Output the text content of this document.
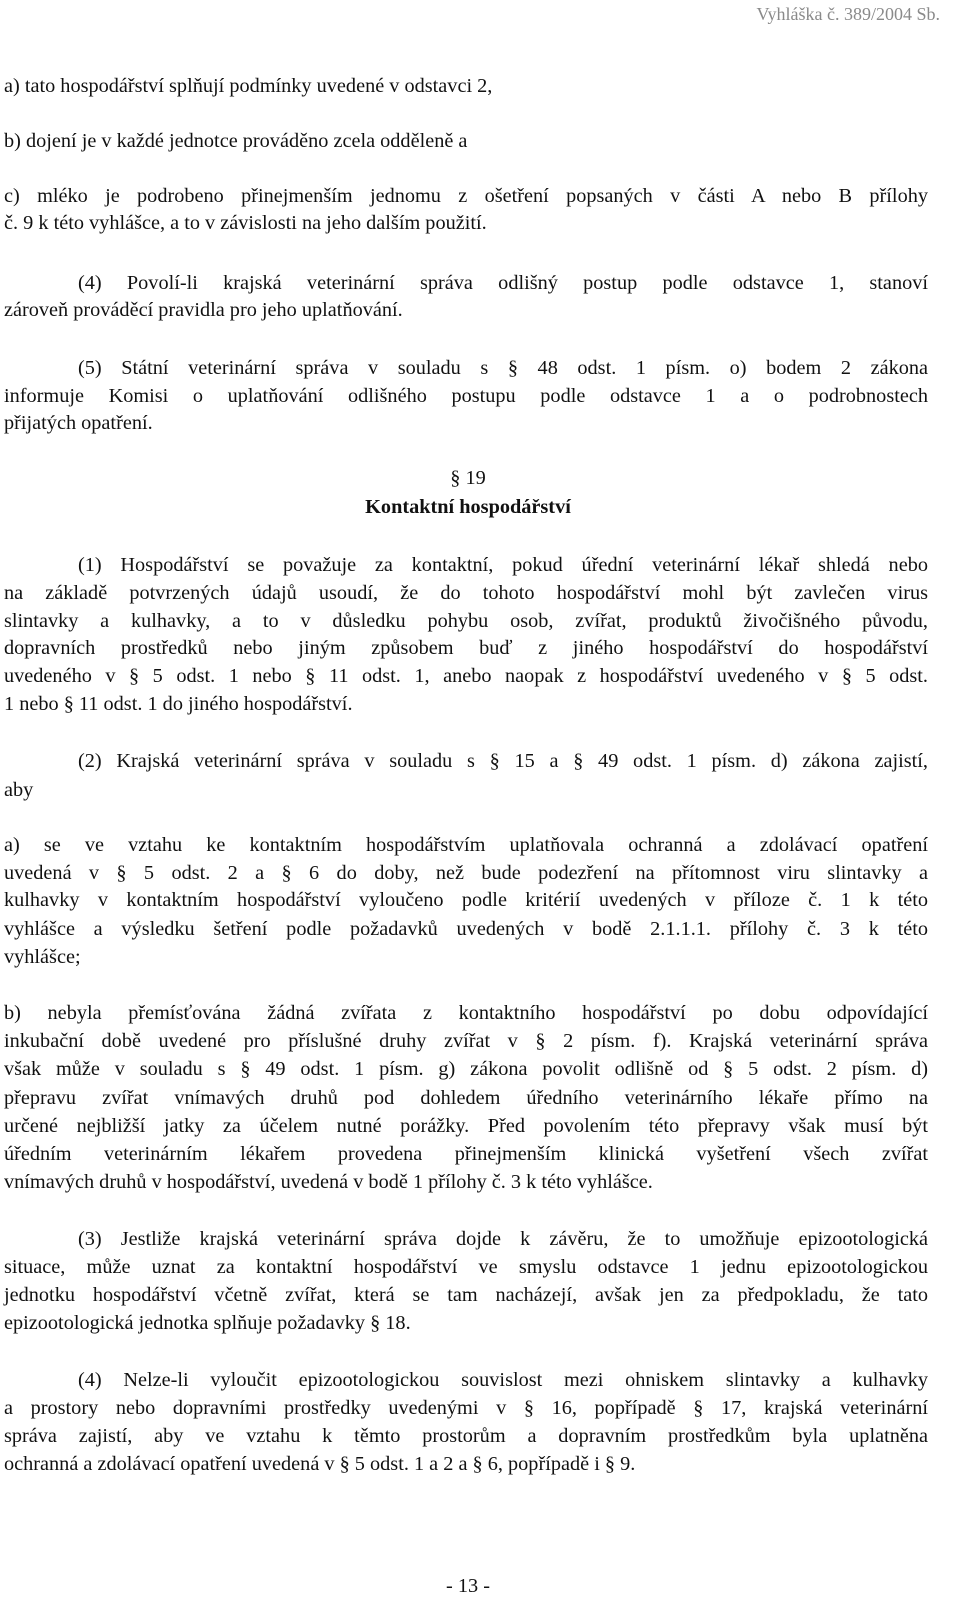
Vyhláška č. 389/2004 Sb.
a) tato hospodářství splňují podmínky uvedené v odstavci 2,
b) dojení je v každé jednotce prováděno zcela odděleně a
c) mléko je podrobeno přinejmenším jednomu z ošetření popsaných v části A nebo B přílohy
č. 9 k této vyhlášce, a to v závislosti na jeho dalším použití.
(4) Povolí-li krajská veterinární správa odlišný postup podle odstavce 1, stanoví
zároveň prováděcí pravidla pro jeho uplatňování.
(5) Státní veterinární správa v souladu s § 48 odst. 1 písm. o) bodem 2 zákona
informuje Komisi o uplatňování odlišného postupu podle odstavce 1 a o podrobnostech
přijatých opatření.
§ 19
Kontaktní hospodářství
(1) Hospodářství se považuje za kontaktní, pokud úřední veterinární lékař shledá nebo
na základě potvrzených údajů usoudí, že do tohoto hospodářství mohl být zavlečen virus
slintavky a kulhavky, a to v důsledku pohybu osob, zvířat, produktů živočišného původu,
dopravních prostředků nebo jiným způsobem buď z jiného hospodářství do hospodářství
uvedeného v § 5 odst. 1 nebo § 11 odst. 1, anebo naopak z hospodářství uvedeného v § 5 odst.
1 nebo § 11 odst. 1 do jiného hospodářství.
(2) Krajská veterinární správa v souladu s § 15 a § 49 odst. 1 písm. d) zákona zajistí,
aby
a) se ve vztahu ke kontaktním hospodářstvím uplatňovala ochranná a zdolávací opatření
uvedená v § 5 odst. 2 a § 6 do doby, než bude podezření na přítomnost viru slintavky a
kulhavky v kontaktním hospodářství vyloučeno podle kritérií uvedených v příloze č. 1 k této
vyhlášce a výsledku šetření podle požadavků uvedených v bodě 2.1.1.1. přílohy č. 3 k této
vyhlášce;
b) nebyla přemísťována žádná zvířata z kontaktního hospodářství po dobu odpovídající
inkubační době uvedené pro příslušné druhy zvířat v § 2 písm. f). Krajská veterinární správa
však může v souladu s § 49 odst. 1 písm. g) zákona povolit odlišně od § 5 odst. 2 písm. d)
přepravu zvířat vnímavých druhů pod dohledem úředního veterinárního lékaře přímo na
určené nejbližší jatky za účelem nutné porážky. Před povolením této přepravy však musí být
úředním veterinárním lékařem provedena přinejmenším klinická vyšetření všech zvířat
vnímavých druhů v hospodářství, uvedená v bodě 1 přílohy č. 3 k této vyhlášce.
(3) Jestliže krajská veterinární správa dojde k závěru, že to umožňuje epizootologická
situace, může uznat za kontaktní hospodářství ve smyslu odstavce 1 jednu epizootologickou
jednotku hospodářství včetně zvířat, která se tam nacházejí, avšak jen za předpokladu, že tato
epizootologická jednotka splňuje požadavky § 18.
(4) Nelze-li vyloučit epizootologickou souvislost mezi ohniskem slintavky a kulhavky
a prostory nebo dopravními prostředky uvedenými v § 16, popřípadě § 17, krajská veterinární
správa zajistí, aby ve vztahu k těmto prostorům a dopravním prostředkům byla uplatněna
ochranná a zdolávací opatření uvedená v § 5 odst. 1 a 2 a § 6, popřípadě i § 9.
- 13 -
